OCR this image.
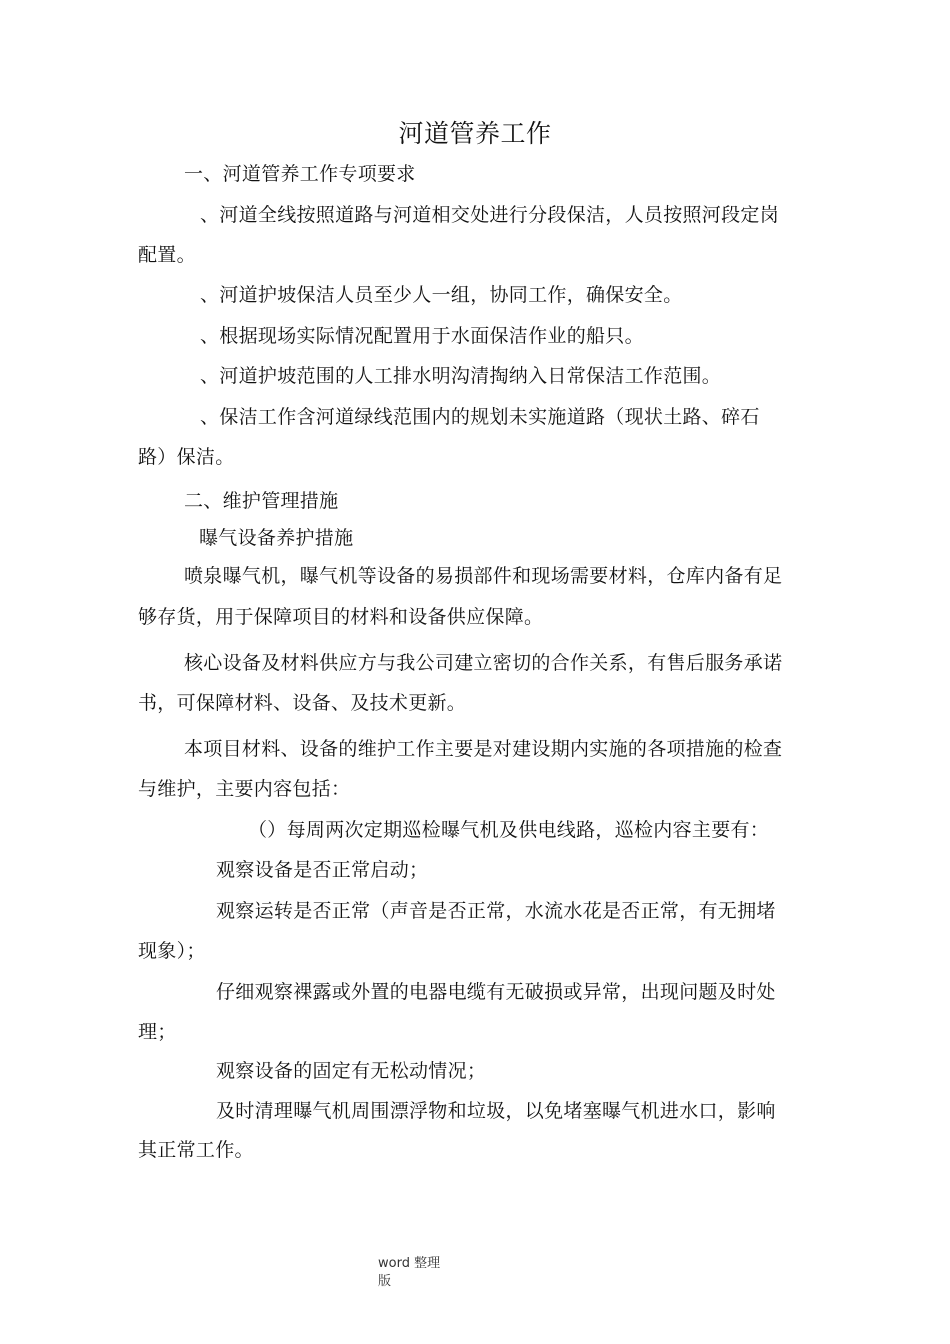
河道管养工作
一、河道管养工作专项要求
、河道全线按照道路与河道相交处进行分段保洁，人员按照河段定岗
配置。
、河道护坡保洁人员至少人一组，协同工作，确保安全。
、根据现场实际情况配置用于水面保洁作业的船只。
、河道护坡范围的人工排水明沟清掏纳入日常保洁工作范围。
、保洁工作含河道绿线范围内的规划未实施道路（现状土路、碎石
路）保洁。
二、维护管理措施
曝气设备养护措施
喷泉曝气机，曝气机等设备的易损部件和现场需要材料，仓库内备有足
够存货，用于保障项目的材料和设备供应保障。
核心设备及材料供应方与我公司建立密切的合作关系，有售后服务承诺
书，可保障材料、设备、及技术更新。
本项目材料、设备的维护工作主要是对建设期内实施的各项措施的检查
与维护，主要内容包括：
（）每周两次定期巡检曝气机及供电线路，巡检内容主要有：
观察设备是否正常启动；
观察运转是否正常（声音是否正常，水流水花是否正常，有无拥堵
现象）；
仔细观察裸露或外置的电器电缆有无破损或异常，出现问题及时处
理；
观察设备的固定有无松动情况；
及时清理曝气机周围漂浮物和垃圾，以免堵塞曝气机进水口，影响
其正常工作。
word 整理
版
